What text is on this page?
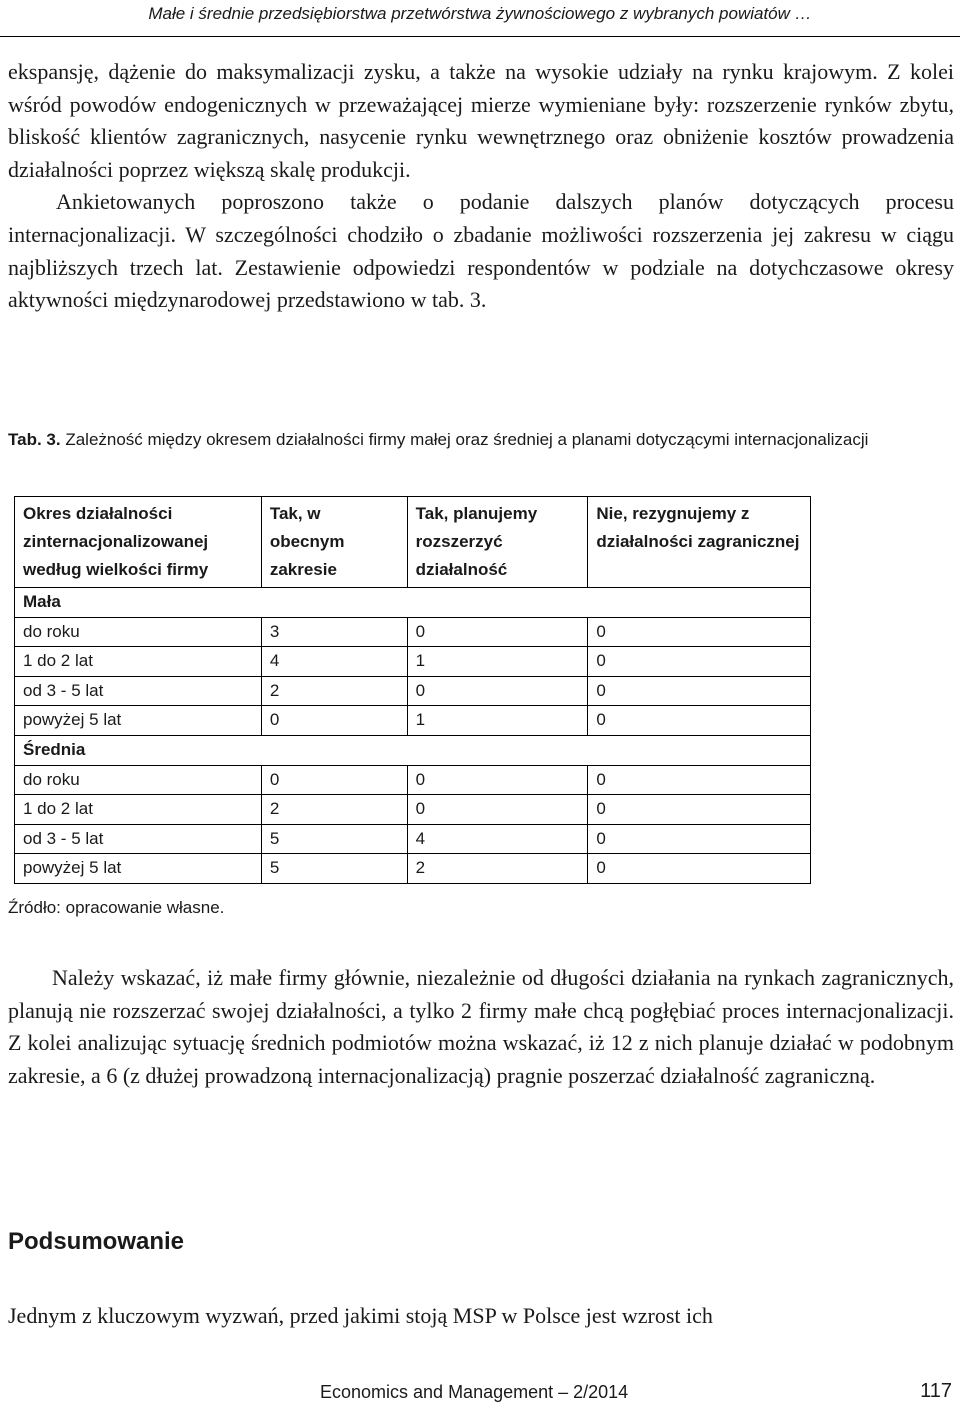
Małe i średnie przedsiębiorstwa przetwórstwa żywnościowego z wybranych powiatów …

ekspansję, dążenie do maksymalizacji zysku, a także na wysokie udziały na rynku krajowym. Z kolei wśród powodów endogenicznych w przeważającej mierze wymieniane były: rozszerzenie rynków zbytu, bliskość klientów zagranicznych, nasycenie rynku wewnętrznego oraz obniżenie kosztów prowadzenia działalności poprzez większą skalę produkcji.

Ankietowanych poproszono także o podanie dalszych planów dotyczących procesu internacjonalizacji. W szczególności chodziło o zbadanie możliwości rozszerzenia jej zakresu w ciągu najbliższych trzech lat. Zestawienie odpowiedzi respondentów w podziale na dotychczasowe okresy aktywności międzynarodowej przedstawiono w tab. 3.

Tab. 3. Zależność między okresem działalności firmy małej oraz średniej a planami dotyczącymi internacjonalizacji
Okres działalności zinternacjonalizowanej według wielkości firmy	Tak, w obecnym zakresie	Tak, planujemy rozszerzyć działalność	Nie, rezygnujemy z działalności zagranicznej
Mała			
do roku	3	0	0
1 do 2 lat	4	1	0
od 3 - 5 lat	2	0	0
powyżej 5 lat	0	1	0
Średnia			
do roku	0	0	0
1 do 2 lat	2	0	0
od 3 - 5 lat	5	4	0
powyżej 5 lat	5	2	0
Źródło: opracowanie własne.

Należy wskazać, iż małe firmy głównie, niezależnie od długości działania na rynkach zagranicznych, planują nie rozszerzać swojej działalności, a tylko 2 firmy małe chcą pogłębiać proces internacjonalizacji. Z kolei analizując sytuację średnich podmiotów można wskazać, iż 12 z nich planuje działać w podobnym zakresie, a 6 (z dłużej prowadzoną internacjonalizacją) pragnie poszerzać działalność zagraniczną.

Podsumowanie

Jednym z kluczowym wyzwań, przed jakimi stoją MSP w Polsce jest wzrost ich

Economics and Management – 2/2014	117
